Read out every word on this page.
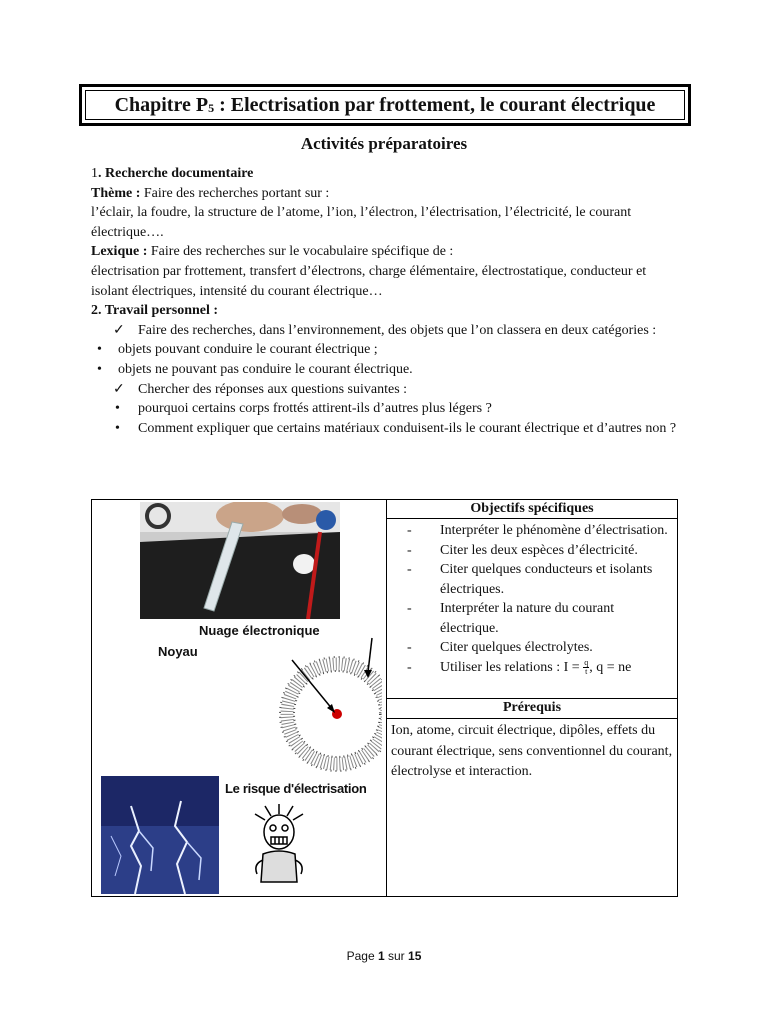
Chapitre $P_5$ : Electrisation par frottement, le courant électrique
Activités préparatoires

1. Recherche documentaire

Thème : Faire des recherches portant sur :

l’éclair, la foudre, la structure de l’atome, l’ion, l’électron, l’électrisation, l’électricité, le courant électrique….

Lexique : Faire des recherches sur le vocabulaire spécifique de :

électrisation par frottement, transfert d’électrons, charge élémentaire, électrostatique, conducteur et isolant électriques, intensité du courant électrique…

2. Travail personnel :

✓ Faire des recherches, dans l’environnement, des objets que l’on classera en deux catégories :

• objets pouvant conduire le courant électrique ;

• objets ne pouvant pas conduire le courant électrique.

✓ Chercher des réponses aux questions suivantes :

• pourquoi certains corps frottés attirent-ils d’autres plus légers ?

• Comment expliquer que certains matériaux conduisent-ils le courant électrique et d’autres non ?

Nuage électronique
Noyau
Le risque d'électrisation

Objectifs spécifiques
- Interpréter le phénomène d’électrisation.
- Citer les deux espèces d’électricité.
- Citer quelques conducteurs et isolants électriques.
- Interpréter la nature du courant électrique.
- Citer quelques électrolytes.
- Utiliser les relations : $I = \frac{q}{t}$ , q = ne

Prérequis

Ion, atome, circuit électrique, dipôles, effets du courant électrique, sens conventionnel du courant, électrolyse et interaction.
Page 1 sur 15
